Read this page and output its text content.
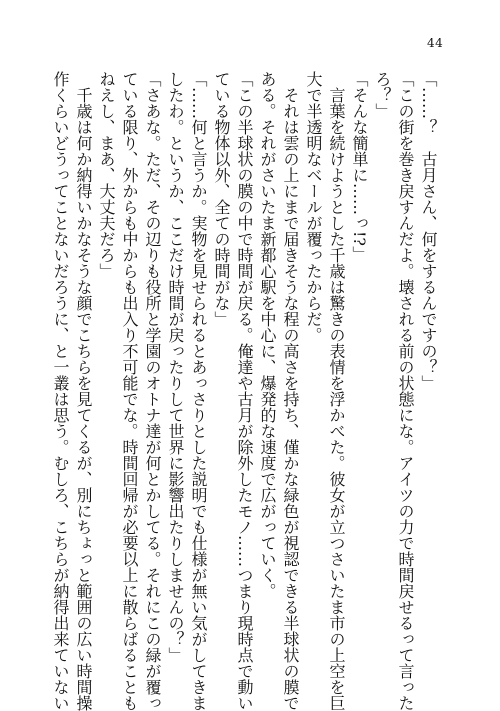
44

「……？　古月さん、何をするんですの？」

「この街を巻き戻すんだよ。壊される前の状態にな。アイツの力で時間戻せるって言った

ろ？」

「そんな簡単に……っ!?」

　言葉を続けようとした千歳は驚きの表情を浮かべた。彼女が立つさいたま市の上空を巨

大で半透明なベールが覆ったからだ。

　それは雲の上にまで届きそうな程の高さを持ち、僅かな緑色が視認できる半球状の膜で

ある。それがさいたま新都心駅を中心に、爆発的な速度で広がっていく。

「この半球状の膜の中で時間が戻る。俺達や古月が除外したモノ……つまり現時点で動い

ている物体以外、全ての時間がな」

「……何と言うか。実物を見せられるとあっさりとした説明でも仕様が無い気がしてきま

したわ。というか、ここだけ時間が戻ったりして世界に影響出たりしませんの？」

「さあな。ただ、その辺りも役所と学園のオトナ達が何とかしてる。それにこの緑が覆っ

ている限り、外からも中からも出入り不可能でな。時間回帰が必要以上に散らばることも

ねえし、まあ、大丈夫だろ」

　千歳は何か納得いかなそうな顔でこちらを見てくるが、別にちょっと範囲の広い時間操

作くらいどうってことないだろうに、と一叢は思う。むしろ、こちらが納得出来ていない
